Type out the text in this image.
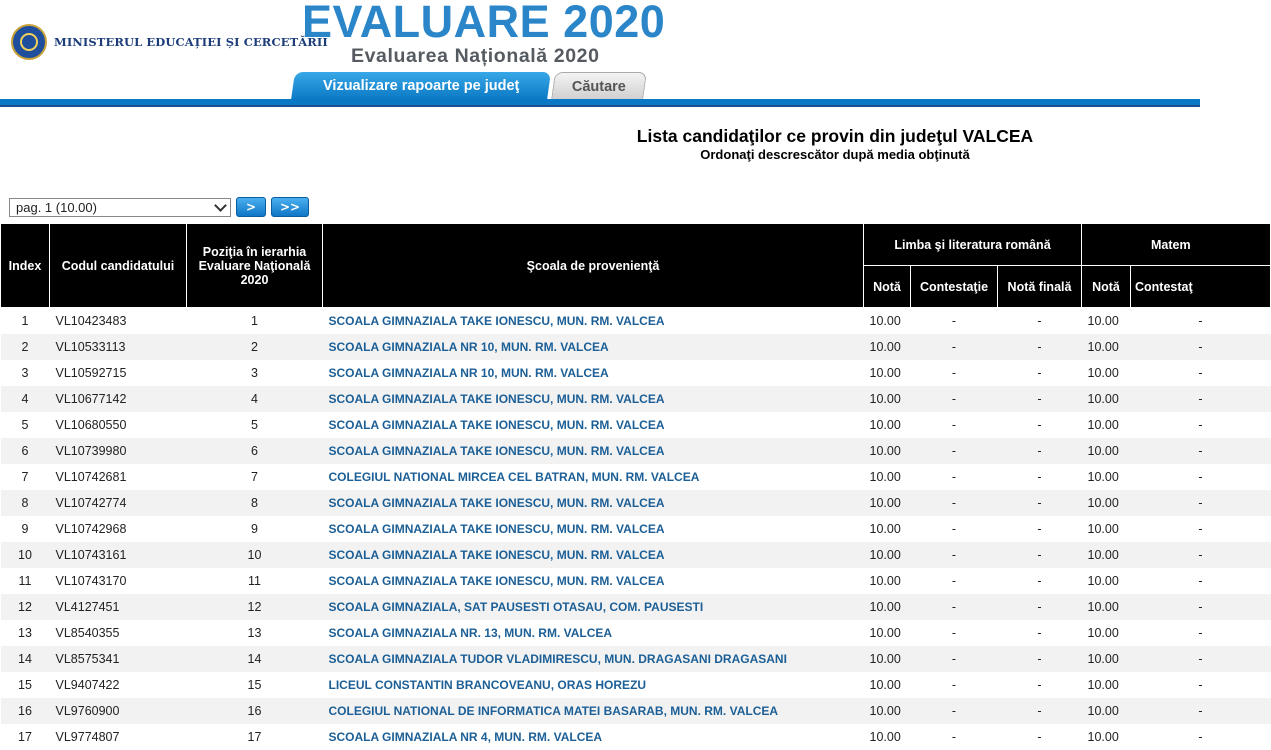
MINISTERUL EDUCAȚIEI ȘI CERCETĂRII
EVALUARE 2020
Evaluarea Națională 2020
Vizualizare rapoarte pe judeţ	Căutare
Lista candidaţilor ce provin din judeţul VALCEA
Ordonaţi descrescător după media obţinută
pag. 1 (10.00)	>	>>
Index	Codul candidatului	Poziţia în ierarhia Evaluare Naţională 2020	Şcoala de provenienţă	Limba şi literatura română			Matem	
				Notă	Contestaţie	Notă finală	Notă	Contestaţ
1	VL10423483	1	SCOALA GIMNAZIALA TAKE IONESCU, MUN. RM. VALCEA	10.00	-	-	10.00	-
2	VL10533113	2	SCOALA GIMNAZIALA NR 10, MUN. RM. VALCEA	10.00	-	-	10.00	-
3	VL10592715	3	SCOALA GIMNAZIALA NR 10, MUN. RM. VALCEA	10.00	-	-	10.00	-
4	VL10677142	4	SCOALA GIMNAZIALA TAKE IONESCU, MUN. RM. VALCEA	10.00	-	-	10.00	-
5	VL10680550	5	SCOALA GIMNAZIALA TAKE IONESCU, MUN. RM. VALCEA	10.00	-	-	10.00	-
6	VL10739980	6	SCOALA GIMNAZIALA TAKE IONESCU, MUN. RM. VALCEA	10.00	-	-	10.00	-
7	VL10742681	7	COLEGIUL NATIONAL MIRCEA CEL BATRAN, MUN. RM. VALCEA	10.00	-	-	10.00	-
8	VL10742774	8	SCOALA GIMNAZIALA TAKE IONESCU, MUN. RM. VALCEA	10.00	-	-	10.00	-
9	VL10742968	9	SCOALA GIMNAZIALA TAKE IONESCU, MUN. RM. VALCEA	10.00	-	-	10.00	-
10	VL10743161	10	SCOALA GIMNAZIALA TAKE IONESCU, MUN. RM. VALCEA	10.00	-	-	10.00	-
11	VL10743170	11	SCOALA GIMNAZIALA TAKE IONESCU, MUN. RM. VALCEA	10.00	-	-	10.00	-
12	VL4127451	12	SCOALA GIMNAZIALA, SAT PAUSESTI OTASAU, COM. PAUSESTI	10.00	-	-	10.00	-
13	VL8540355	13	SCOALA GIMNAZIALA NR. 13, MUN. RM. VALCEA	10.00	-	-	10.00	-
14	VL8575341	14	SCOALA GIMNAZIALA TUDOR VLADIMIRESCU, MUN. DRAGASANI DRAGASANI	10.00	-	-	10.00	-
15	VL9407422	15	LICEUL CONSTANTIN BRANCOVEANU, ORAS HOREZU	10.00	-	-	10.00	-
16	VL9760900	16	COLEGIUL NATIONAL DE INFORMATICA MATEI BASARAB, MUN. RM. VALCEA	10.00	-	-	10.00	-
17	VL9774807	17	SCOALA GIMNAZIALA NR 4, MUN. RM. VALCEA	10.00	-	-	10.00	-
